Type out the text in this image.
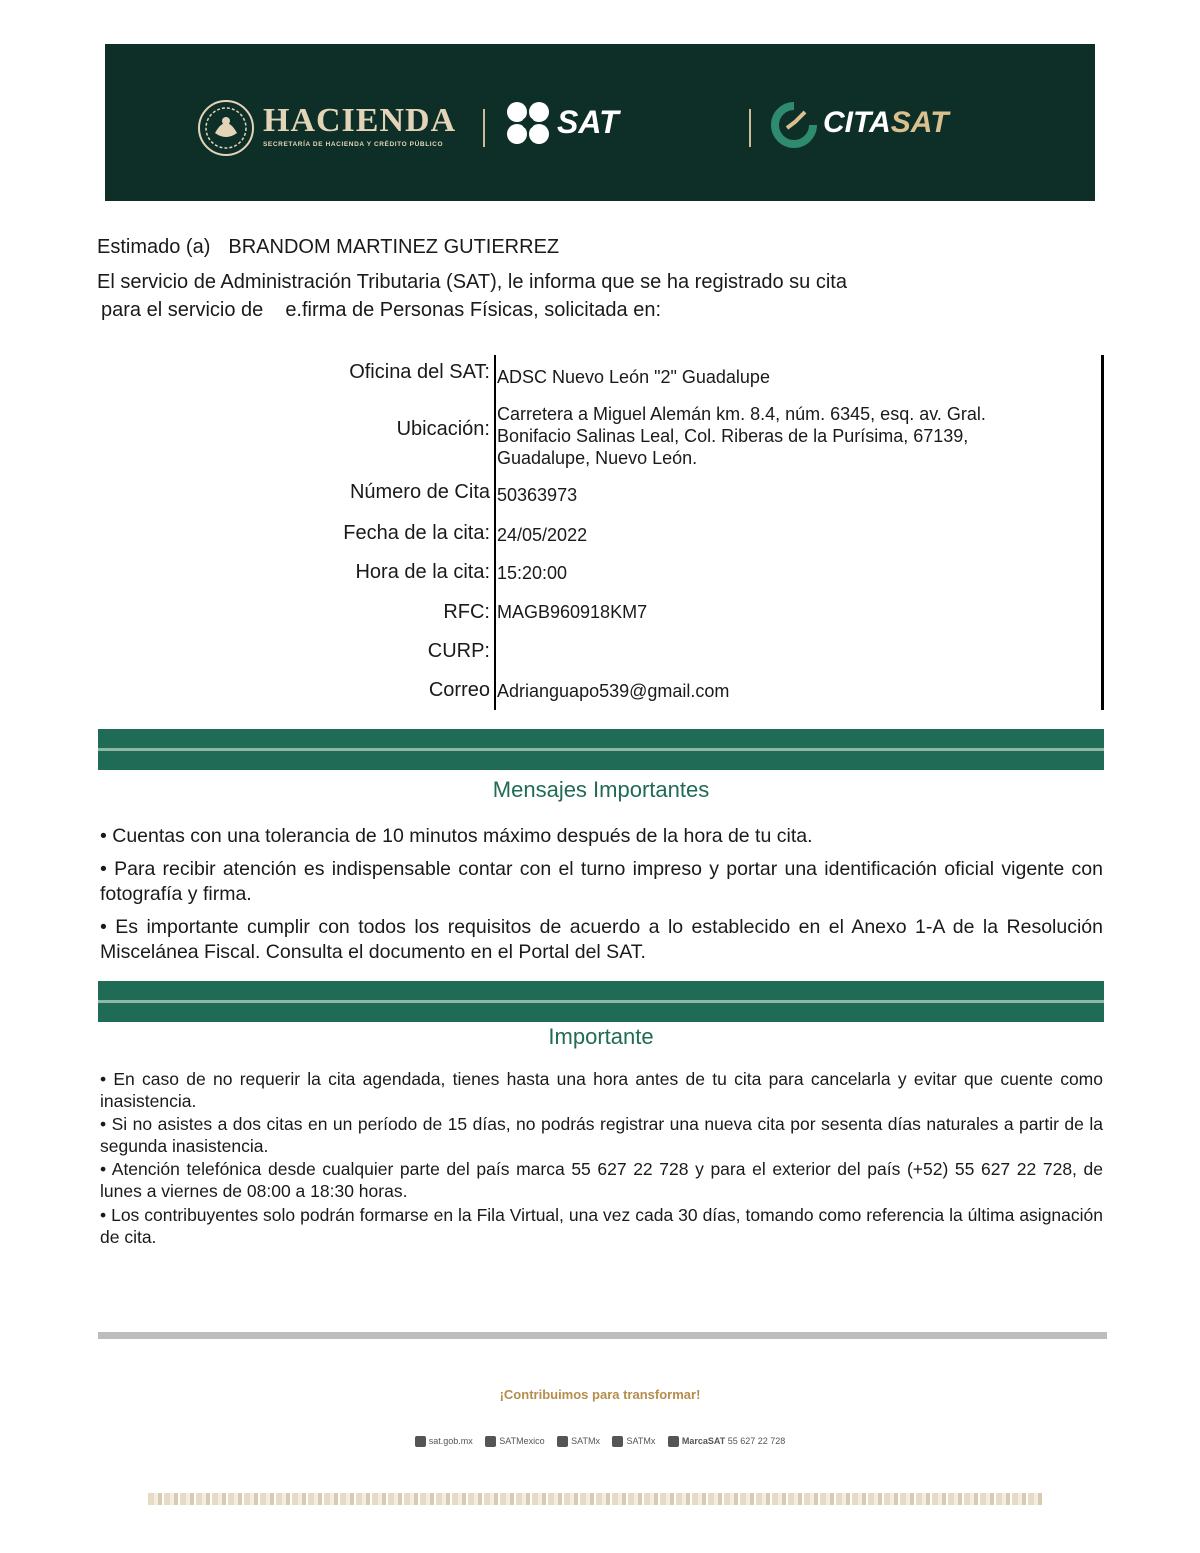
HACIENDA
SECRETARÍA DE HACIENDA Y CRÉDITO PÚBLICO
SAT	CITASAT
Estimado (a) BRANDOM MARTINEZ GUTIERREZ
El servicio de Administración Tributaria (SAT), le informa que se ha registrado su cita
para el servicio de e.firma de Personas Físicas, solicitada en:
Oficina del SAT: ADSC Nuevo León "2" Guadalupe
Ubicación:
Carretera a Miguel Alemán km. 8.4, núm. 6345, esq. av. Gral. Bonifacio Salinas Leal, Col. Riberas de la Purísima, 67139, Guadalupe, Nuevo León.
Número de Cita 50363973
Fecha de la cita: 24/05/2022
Hora de la cita: 15:20:00
RFC: MAGB960918KM7
CURP:
Correo Adrianguapo539@gmail.com
Mensajes Importantes
• Cuentas con una tolerancia de 10 minutos máximo después de la hora de tu cita.
• Para recibir atención es indispensable contar con el turno impreso y portar una identificación oficial vigente con fotografía y firma.
• Es importante cumplir con todos los requisitos de acuerdo a lo establecido en el Anexo 1-A de la Resolución Miscelánea Fiscal. Consulta el documento en el Portal del SAT.
Importante
• En caso de no requerir la cita agendada, tienes hasta una hora antes de tu cita para cancelarla y evitar que cuente como inasistencia.
• Si no asistes a dos citas en un período de 15 días, no podrás registrar una nueva cita por sesenta días naturales a partir de la segunda inasistencia.
• Atención telefónica desde cualquier parte del país marca 55 627 22 728 y para el exterior del país (+52) 55 627 22 728, de lunes a viernes de 08:00 a 18:30 horas.
• Los contribuyentes solo podrán formarse en la Fila Virtual, una vez cada 30 días, tomando como referencia la última asignación de cita.
¡Contribuimos para transformar!
sat.gob.mx	SATMexico	SATMx	SATMx	MarcaSAT 55 627 22 728
